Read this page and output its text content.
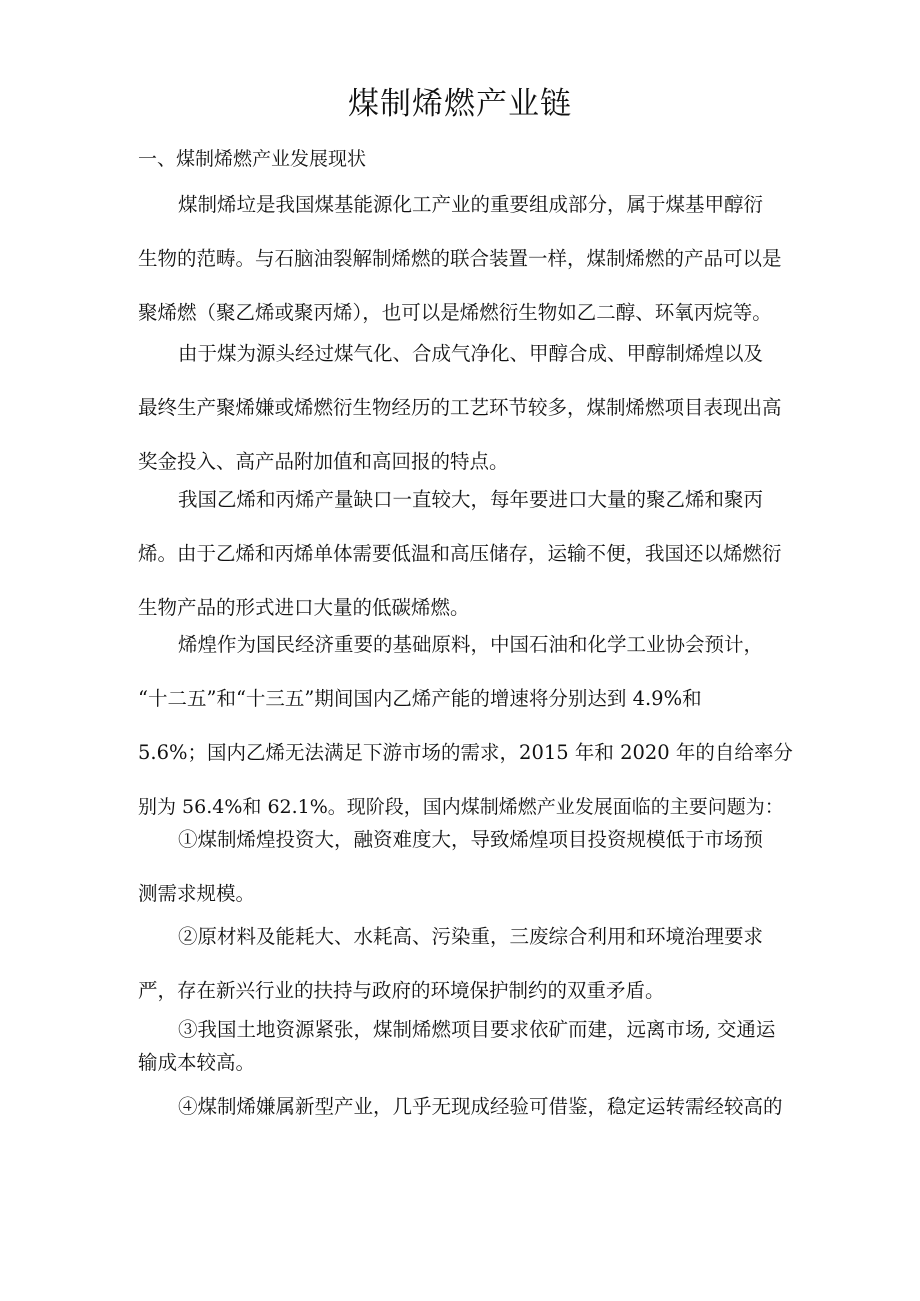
煤制烯燃产业链
一、煤制烯燃产业发展现状
煤制烯垃是我国煤基能源化工产业的重要组成部分，属于煤基甲醇衍
生物的范畴。与石脑油裂解制烯燃的联合装置一样，煤制烯燃的产品可以是
聚烯燃（聚乙烯或聚丙烯），也可以是烯燃衍生物如乙二醇、环氧丙烷等。
由于煤为源头经过煤气化、合成气净化、甲醇合成、甲醇制烯煌以及
最终生产聚烯嫌或烯燃衍生物经历的工艺环节较多，煤制烯燃项目表现出高
奖金投入、高产品附加值和高回报的特点。
我国乙烯和丙烯产量缺口一直较大，每年要进口大量的聚乙烯和聚丙
烯。由于乙烯和丙烯单体需要低温和高压储存，运输不便，我国还以烯燃衍
生物产品的形式进口大量的低碳烯燃。
烯煌作为国民经济重要的基础原料，中国石油和化学工业协会预计，
“十二五”和“十三五”期间国内乙烯产能的增速将分别达到 4.9%和
5.6%；国内乙烯无法满足下游市场的需求，2015 年和 2020 年的自给率分
别为 56.4%和 62.1%。现阶段，国内煤制烯燃产业发展面临的主要问题为：
①煤制烯煌投资大，融资难度大，导致烯煌项目投资规模低于市场预
测需求规模。
②原材料及能耗大、水耗高、污染重，三废综合利用和环境治理要求
严，存在新兴行业的扶持与政府的环境保护制约的双重矛盾。
③我国土地资源紧张，煤制烯燃项目要求依矿而建，远离市场, 交通运
输成本较高。
④煤制烯嫌属新型产业，几乎无现成经验可借鉴，稳定运转需经较高的
